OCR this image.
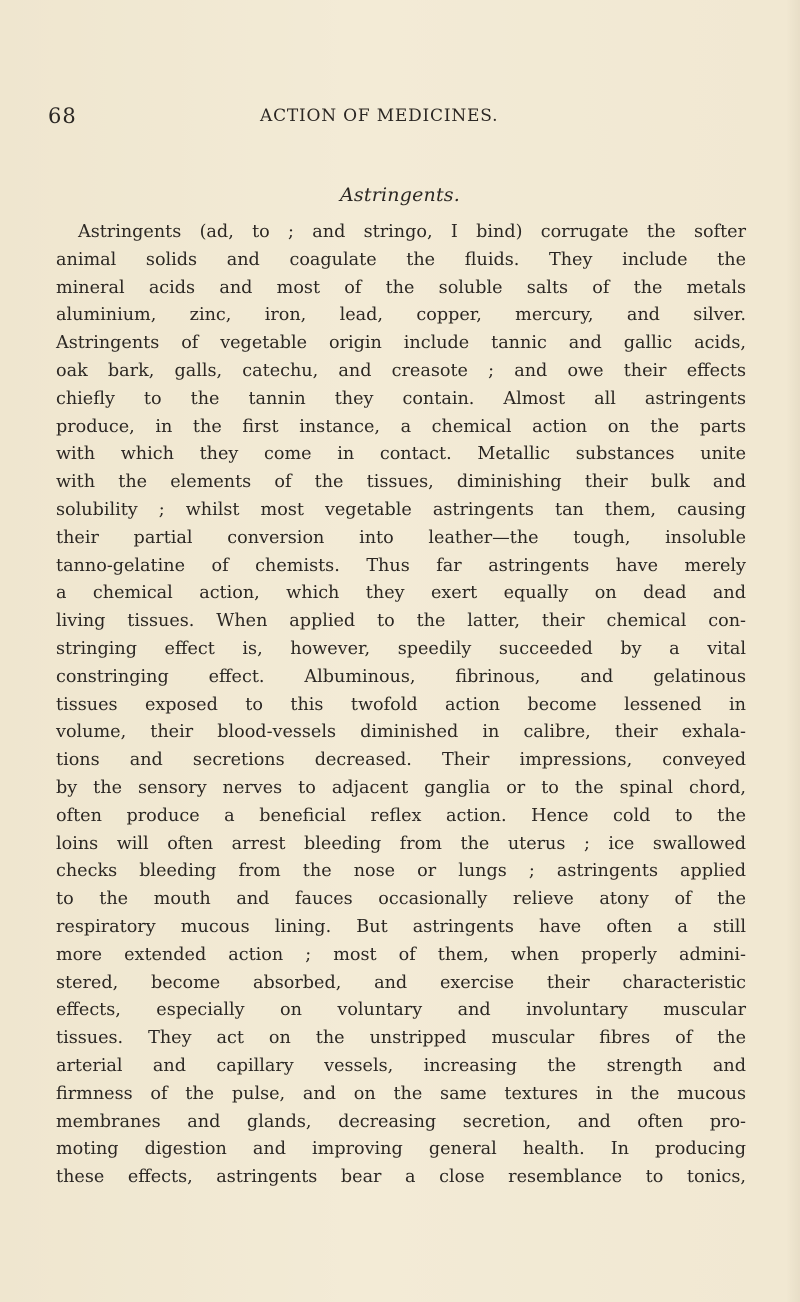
68	ACTION OF MEDICINES.
Astringents.
Astringents (ad, to ; and stringo, I bind) corrugate the softer
animal solids and coagulate the fluids. They include the
mineral acids and most of the soluble salts of the metals
aluminium, zinc, iron, lead, copper, mercury, and silver.
Astringents of vegetable origin include tannic and gallic acids,
oak bark, galls, catechu, and creasote ; and owe their effects
chiefly to the tannin they contain. Almost all astringents
produce, in the first instance, a chemical action on the parts
with which they come in contact. Metallic substances unite
with the elements of the tissues, diminishing their bulk and
solubility ; whilst most vegetable astringents tan them, causing
their partial conversion into leather—the tough, insoluble
tanno-gelatine of chemists. Thus far astringents have merely
a chemical action, which they exert equally on dead and
living tissues. When applied to the latter, their chemical con-
stringing effect is, however, speedily succeeded by a vital
constringing effect. Albuminous, fibrinous, and gelatinous
tissues exposed to this twofold action become lessened in
volume, their blood-vessels diminished in calibre, their exhala-
tions and secretions decreased. Their impressions, conveyed
by the sensory nerves to adjacent ganglia or to the spinal chord,
often produce a beneficial reflex action. Hence cold to the
loins will often arrest bleeding from the uterus ; ice swallowed
checks bleeding from the nose or lungs ; astringents applied
to the mouth and fauces occasionally relieve atony of the
respiratory mucous lining. But astringents have often a still
more extended action ; most of them, when properly admini-
stered, become absorbed, and exercise their characteristic
effects, especially on voluntary and involuntary muscular
tissues. They act on the unstripped muscular fibres of the
arterial and capillary vessels, increasing the strength and
firmness of the pulse, and on the same textures in the mucous
membranes and glands, decreasing secretion, and often pro-
moting digestion and improving general health. In producing
these effects, astringents bear a close resemblance to tonics,
